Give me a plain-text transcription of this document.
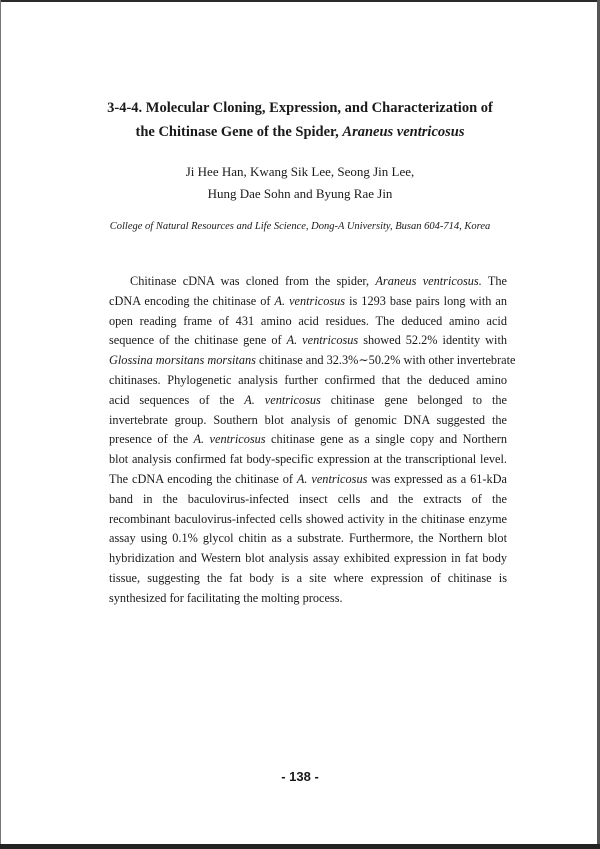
3-4-4. Molecular Cloning, Expression, and Characterization of
the Chitinase Gene of the Spider, Araneus ventricosus
Ji Hee Han, Kwang Sik Lee, Seong Jin Lee,
Hung Dae Sohn and Byung Rae Jin
College of Natural Resources and Life Science, Dong-A University, Busan 604-714, Korea
Chitinase cDNA was cloned from the spider, Araneus ventricosus. The
cDNA encoding the chitinase of A. ventricosus is 1293 base pairs long with an
open reading frame of 431 amino acid residues. The deduced amino acid
sequence of the chitinase gene of A. ventricosus showed 52.2% identity with
Glossina morsitans morsitans chitinase and 32.3%∼50.2% with other invertebrate
chitinases. Phylogenetic analysis further confirmed that the deduced amino
acid sequences of the A. ventricosus chitinase gene belonged to the
invertebrate group. Southern blot analysis of genomic DNA suggested the
presence of the A. ventricosus chitinase gene as a single copy and Northern
blot analysis confirmed fat body-specific expression at the transcriptional level.
The cDNA encoding the chitinase of A. ventricosus was expressed as a 61-kDa
band in the baculovirus-infected insect cells and the extracts of the
recombinant baculovirus-infected cells showed activity in the chitinase enzyme
assay using 0.1% glycol chitin as a substrate. Furthermore, the Northern blot
hybridization and Western blot analysis assay exhibited expression in fat body
tissue, suggesting the fat body is a site where expression of chitinase is
synthesized for facilitating the molting process.
- 138 -
